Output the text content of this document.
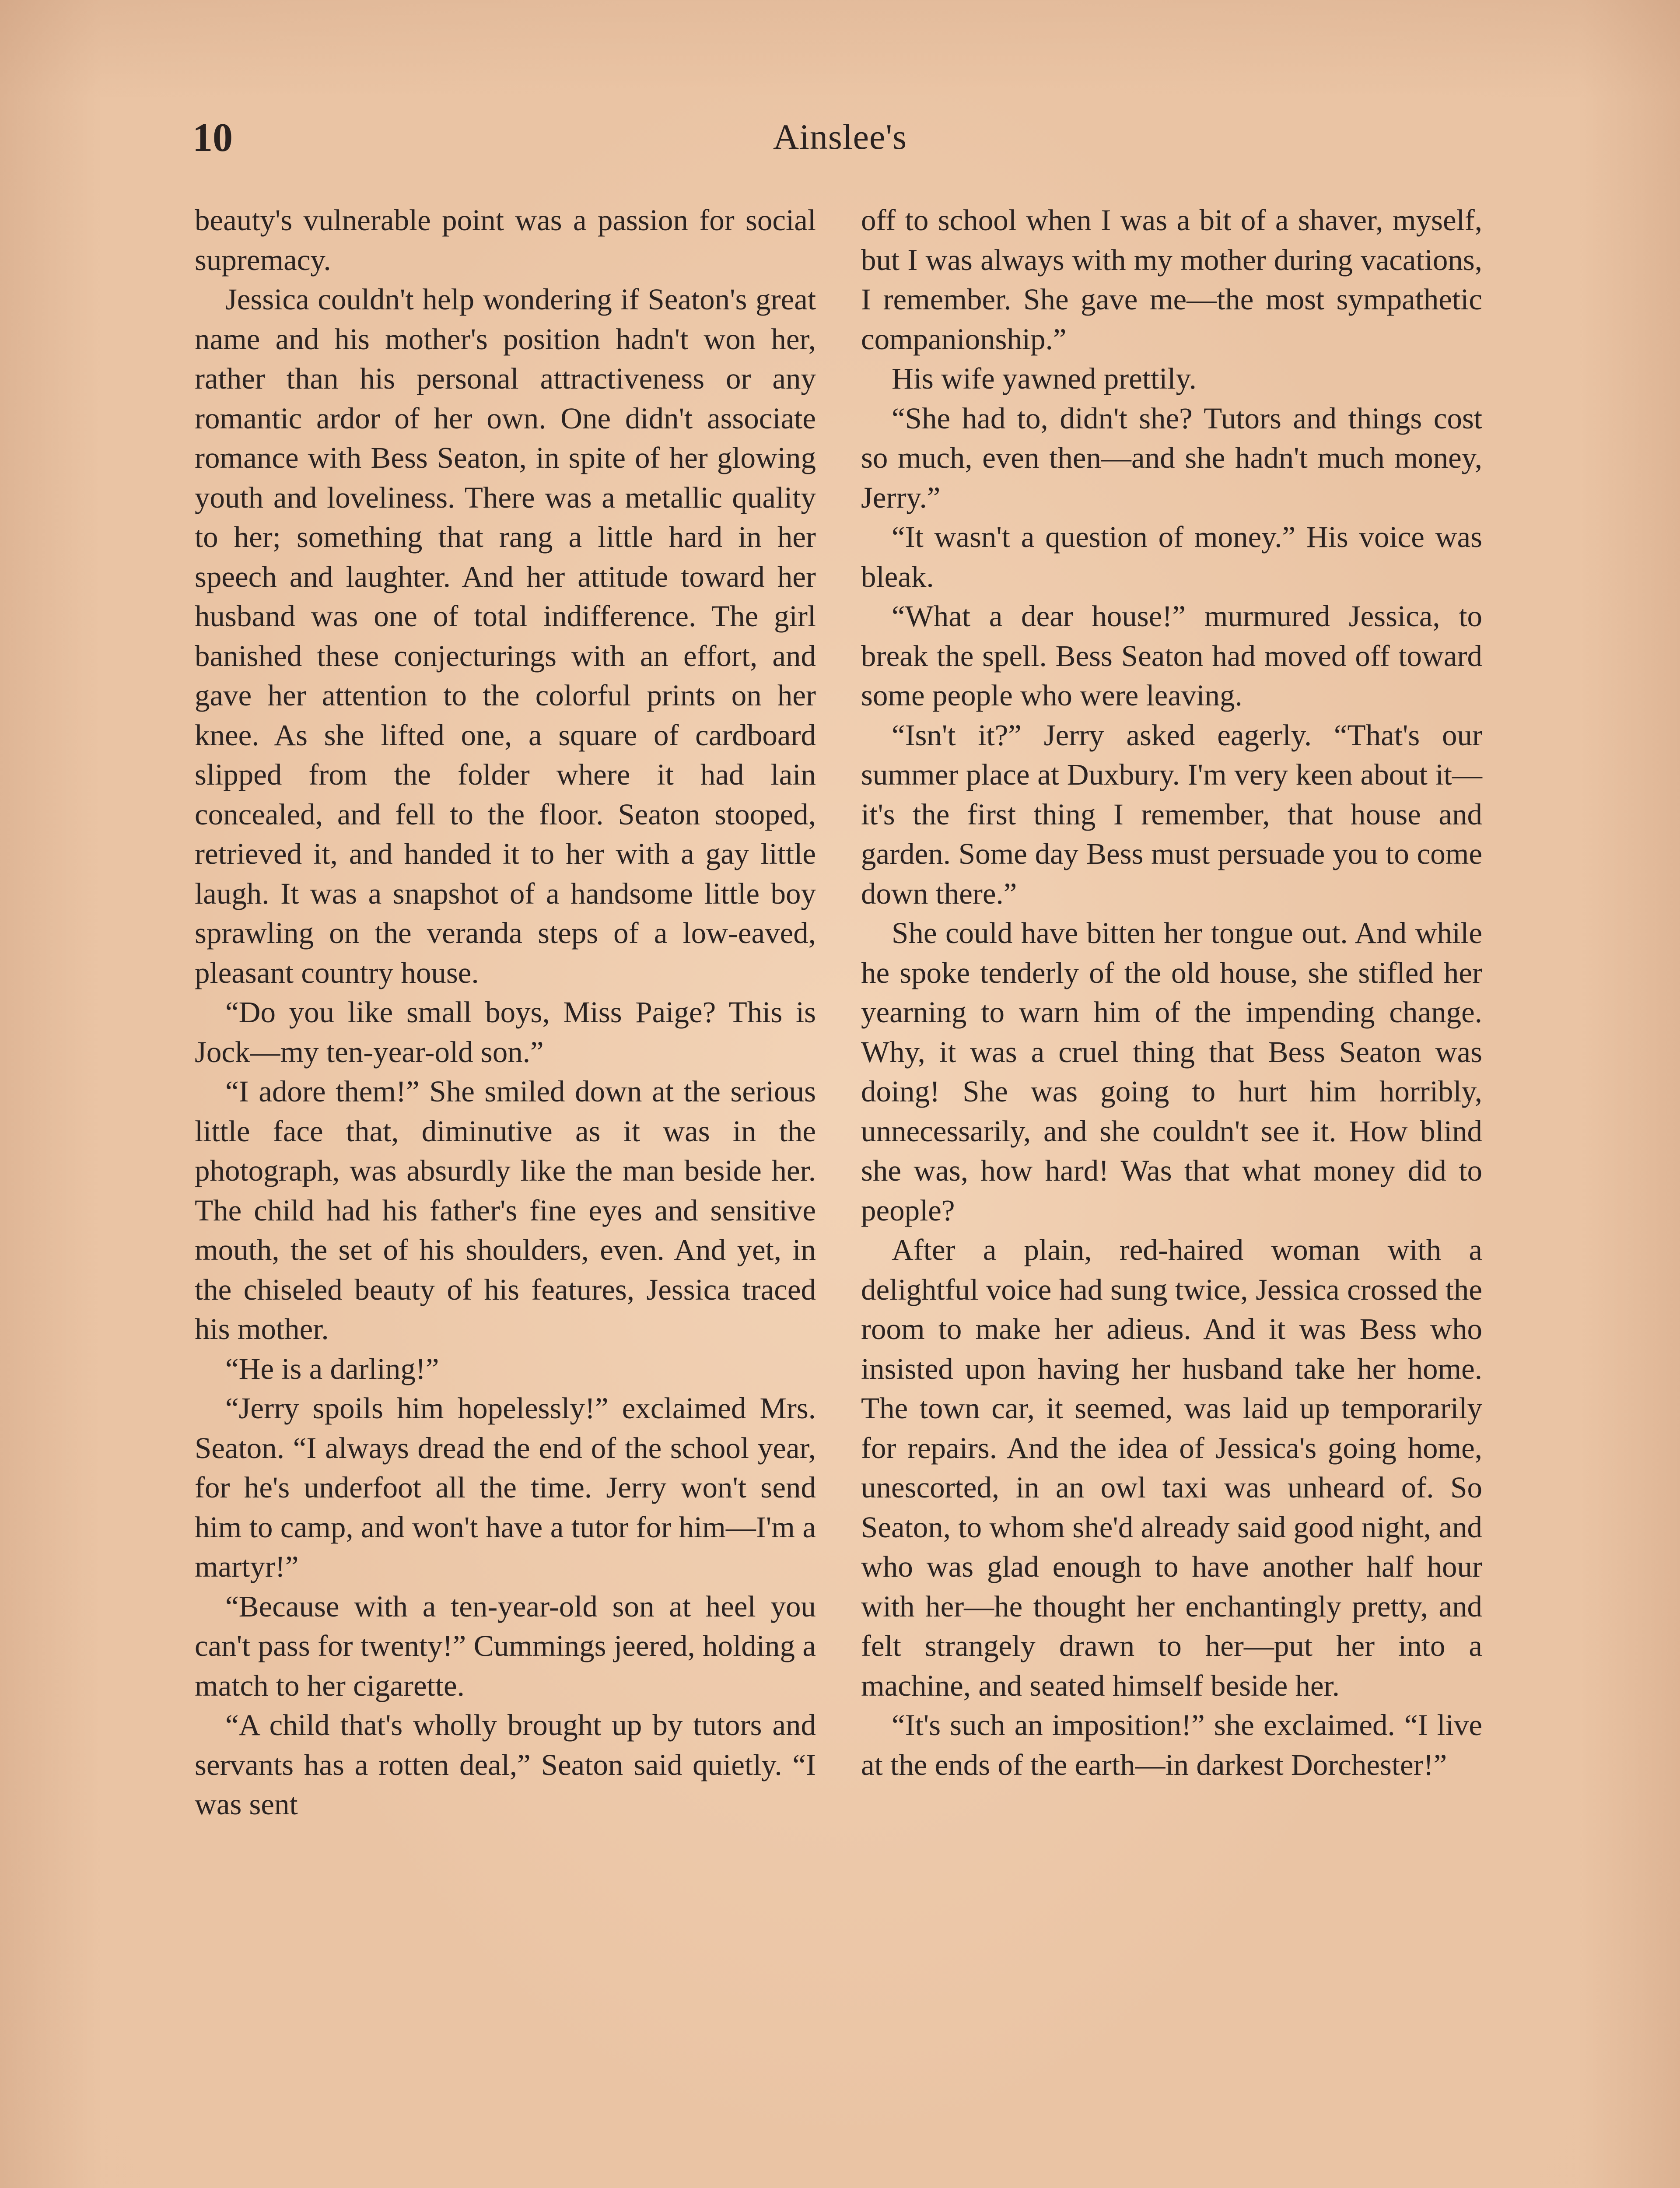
10	Ainslee's

beauty's vulnerable point was a passion for social supremacy.

Jessica couldn't help wondering if Seaton's great name and his mother's position hadn't won her, rather than his personal attractiveness or any romantic ardor of her own. One didn't associate romance with Bess Seaton, in spite of her glowing youth and loveliness. There was a metallic quality to her; something that rang a little hard in her speech and laughter. And her attitude toward her husband was one of total indifference. The girl banished these conjecturings with an effort, and gave her attention to the colorful prints on her knee. As she lifted one, a square of cardboard slipped from the folder where it had lain concealed, and fell to the floor. Seaton stooped, retrieved it, and handed it to her with a gay little laugh. It was a snapshot of a handsome little boy sprawling on the veranda steps of a low-eaved, pleasant country house.

“Do you like small boys, Miss Paige? This is Jock—my ten-year-old son.”

“I adore them!” She smiled down at the serious little face that, diminutive as it was in the photograph, was absurdly like the man beside her. The child had his father's fine eyes and sensitive mouth, the set of his shoulders, even. And yet, in the chiseled beauty of his features, Jessica traced his mother.

“He is a darling!”

“Jerry spoils him hopelessly!” exclaimed Mrs. Seaton. “I always dread the end of the school year, for he's underfoot all the time. Jerry won't send him to camp, and won't have a tutor for him—I'm a martyr!”

“Because with a ten-year-old son at heel you can't pass for twenty!” Cummings jeered, holding a match to her cigarette.

“A child that's wholly brought up by tutors and servants has a rotten deal,” Seaton said quietly. “I was sent

off to school when I was a bit of a shaver, myself, but I was always with my mother during vacations, I remember. She gave me—the most sympathetic companionship.”

His wife yawned prettily.

“She had to, didn't she? Tutors and things cost so much, even then—and she hadn't much money, Jerry.”

“It wasn't a question of money.” His voice was bleak.

“What a dear house!” murmured Jessica, to break the spell. Bess Seaton had moved off toward some people who were leaving.

“Isn't it?” Jerry asked eagerly. “That's our summer place at Duxbury. I'm very keen about it—it's the first thing I remember, that house and garden. Some day Bess must persuade you to come down there.”

She could have bitten her tongue out. And while he spoke tenderly of the old house, she stifled her yearning to warn him of the impending change. Why, it was a cruel thing that Bess Seaton was doing! She was going to hurt him horribly, unnecessarily, and she couldn't see it. How blind she was, how hard! Was that what money did to people?

After a plain, red-haired woman with a delightful voice had sung twice, Jessica crossed the room to make her adieus. And it was Bess who insisted upon having her husband take her home. The town car, it seemed, was laid up temporarily for repairs. And the idea of Jessica's going home, unescorted, in an owl taxi was unheard of. So Seaton, to whom she'd already said good night, and who was glad enough to have another half hour with her—he thought her enchantingly pretty, and felt strangely drawn to her—put her into a machine, and seated himself beside her.

“It's such an imposition!” she exclaimed. “I live at the ends of the earth—in darkest Dorchester!”
